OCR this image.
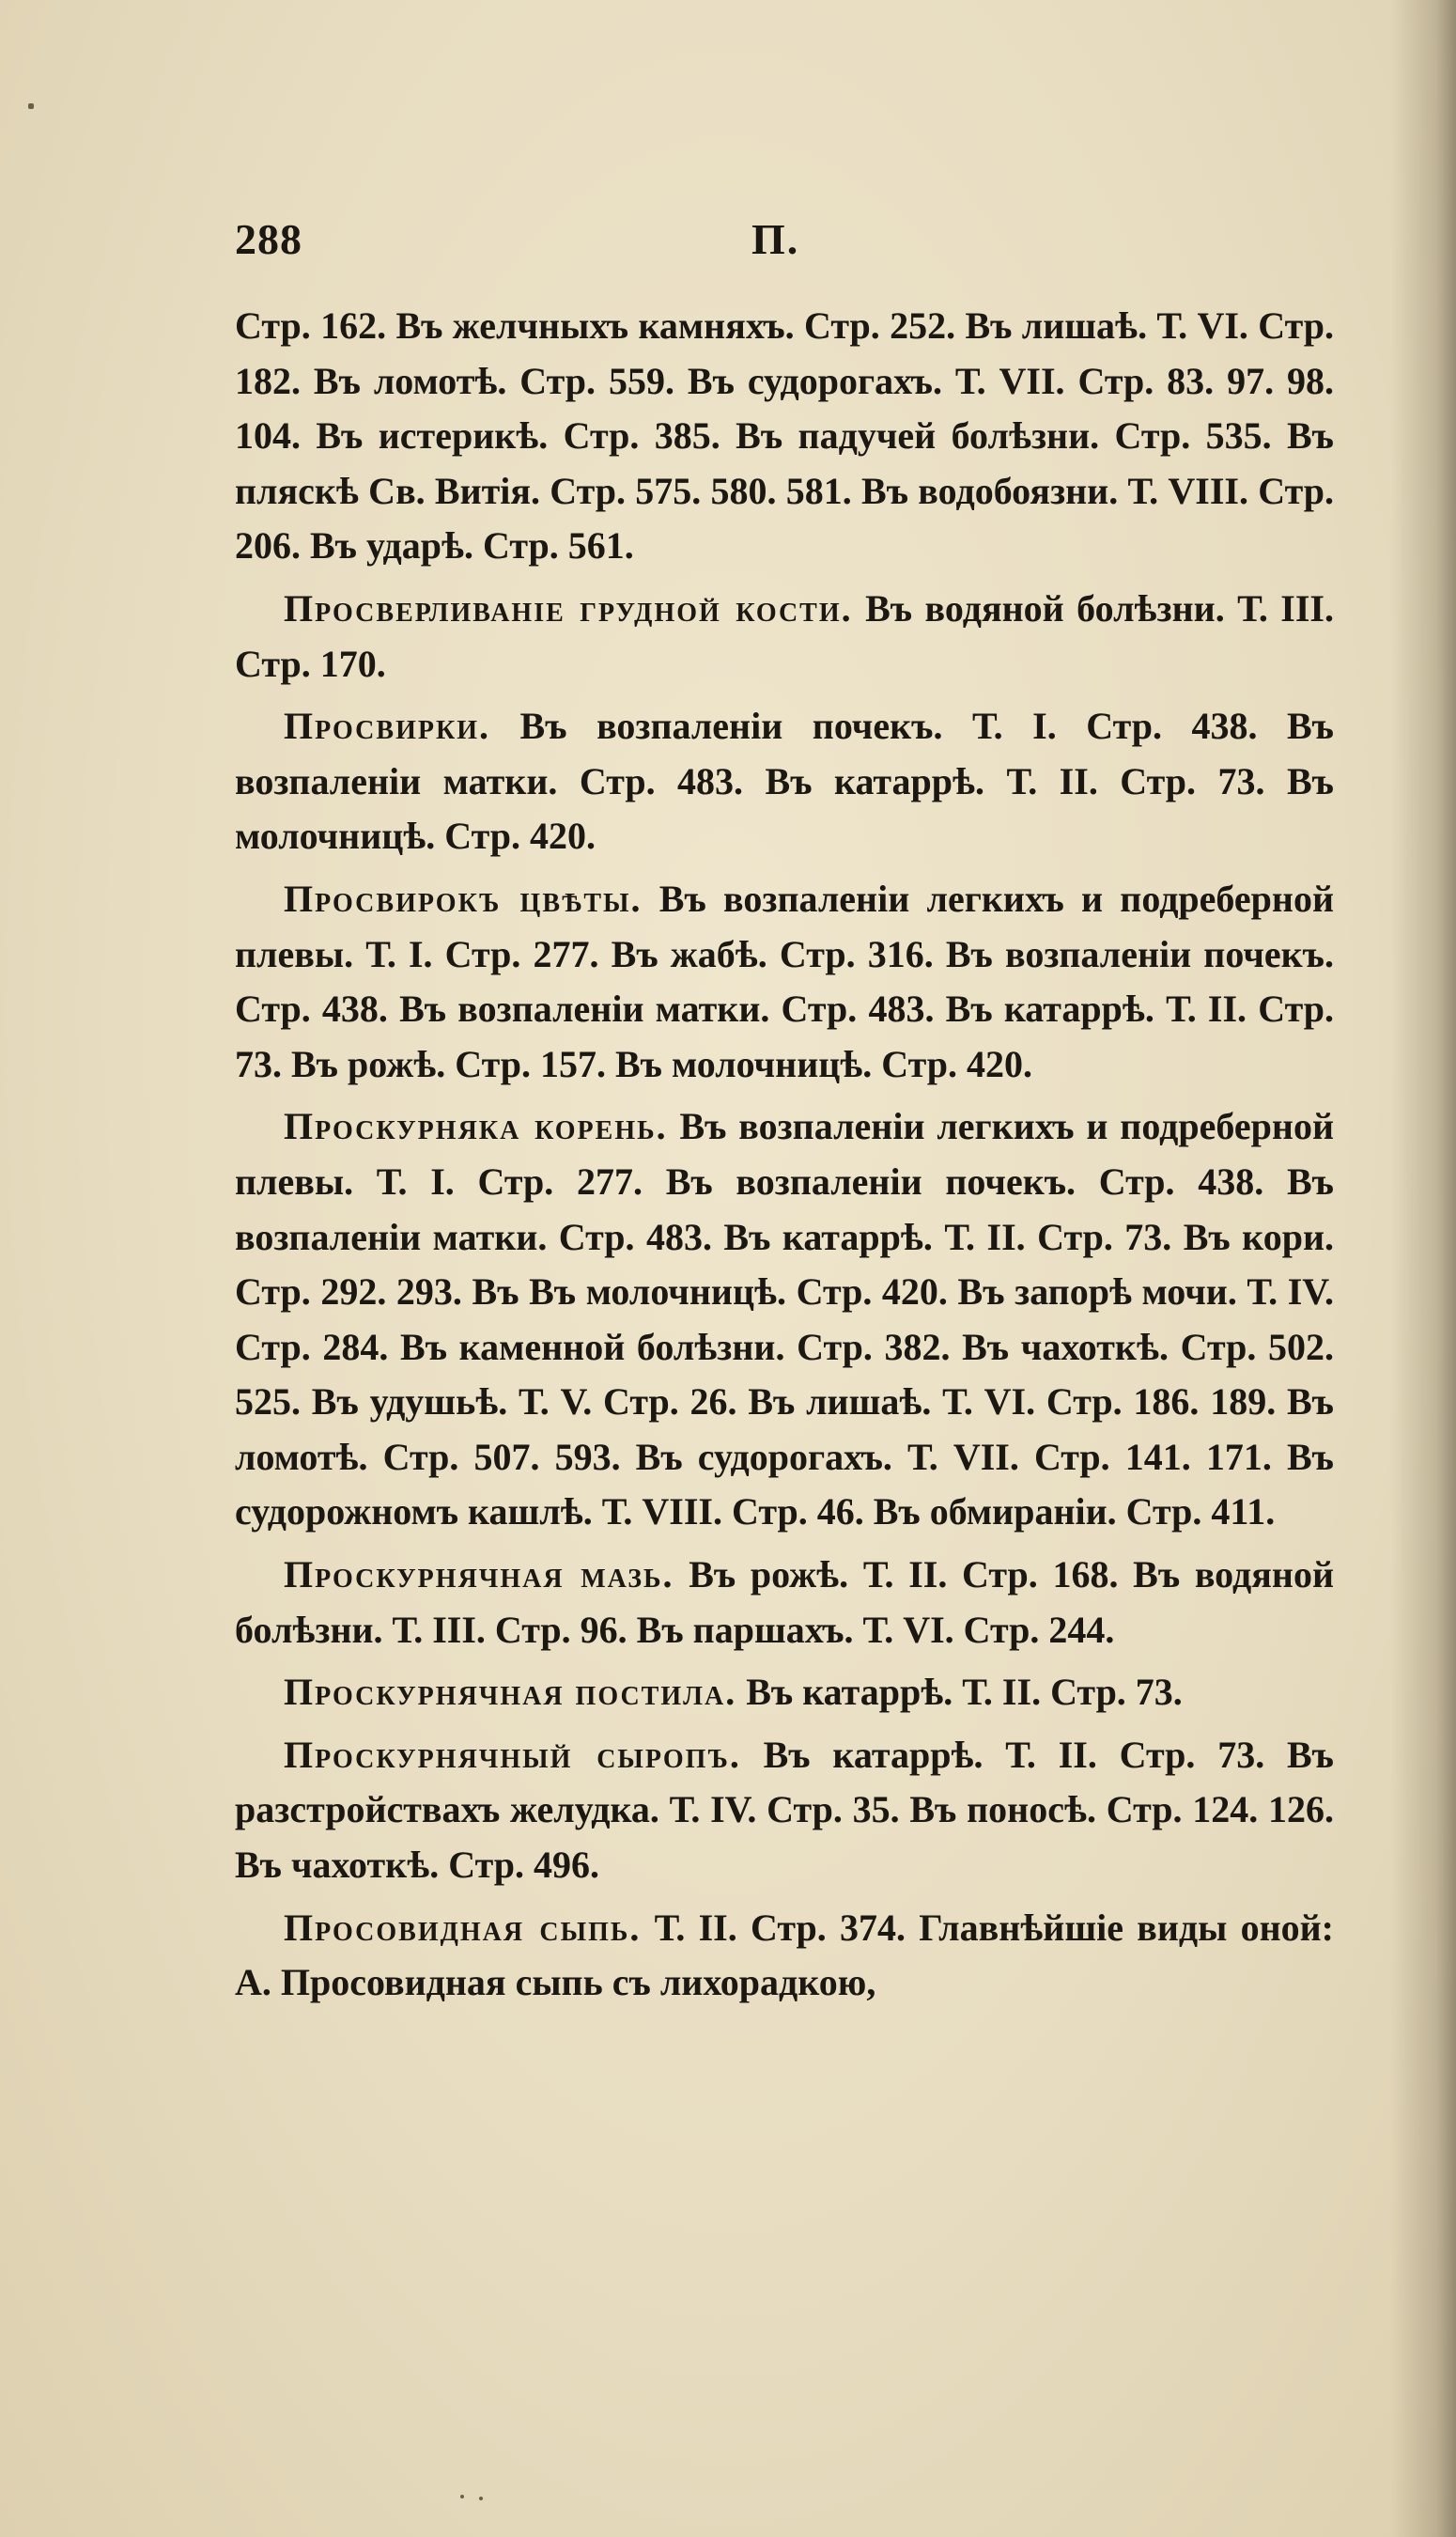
288	П.

Стр. 162. Въ желчныхъ камняхъ. Стр. 252. Въ лишаѣ. Т. VI. Стр. 182. Въ ломотѣ. Стр. 559. Въ судорогахъ. Т. VII. Стр. 83. 97. 98. 104. Въ истерикѣ. Стр. 385. Въ падучей болѣзни. Стр. 535. Въ пляскѣ Св. Витія. Стр. 575. 580. 581. Въ водобоязни. Т. VIII. Стр. 206. Въ ударѣ. Стр. 561.

Просверливаніе грудной кости. Въ водяной болѣзни. Т. III. Стр. 170.

Просвирки. Въ возпаленіи почекъ. Т. I. Стр. 438. Въ возпаленіи матки. Стр. 483. Въ катаррѣ. Т. II. Стр. 73. Въ молочницѣ. Стр. 420.

Просвирокъ цвѣты. Въ возпаленіи легкихъ и подреберной плевы. Т. I. Стр. 277. Въ жабѣ. Стр. 316. Въ возпаленіи почекъ. Стр. 438. Въ возпаленіи матки. Стр. 483. Въ катаррѣ. Т. II. Стр. 73. Въ рожѣ. Стр. 157. Въ молочницѣ. Стр. 420.

Проскурняка корень. Въ возпаленіи легкихъ и подреберной плевы. Т. I. Стр. 277. Въ возпаленіи почекъ. Стр. 438. Въ возпаленіи матки. Стр. 483. Въ катаррѣ. Т. II. Стр. 73. Въ кори. Стр. 292. 293. Въ Въ молочницѣ. Стр. 420. Въ запорѣ мочи. Т. IV. Стр. 284. Въ каменной болѣзни. Стр. 382. Въ чахоткѣ. Стр. 502. 525. Въ удушьѣ. Т. V. Стр. 26. Въ лишаѣ. Т. VI. Стр. 186. 189. Въ ломотѣ. Стр. 507. 593. Въ судорогахъ. Т. VII. Стр. 141. 171. Въ судорожномъ кашлѣ. Т. VIII. Стр. 46. Въ обмираніи. Стр. 411.

Проскурнячная мазь. Въ рожѣ. Т. II. Стр. 168. Въ водяной болѣзни. Т. III. Стр. 96. Въ паршахъ. Т. VI. Стр. 244.

Проскурнячная постила. Въ катаррѣ. Т. II. Стр. 73.

Проскурнячный сыропъ. Въ катаррѣ. Т. II. Стр. 73. Въ разстройствахъ желудка. Т. IV. Стр. 35. Въ поносѣ. Стр. 124. 126. Въ чахоткѣ. Стр. 496.

Просовидная сыпь. Т. II. Стр. 374. Главнѣйшіе виды оной: А. Просовидная сыпь съ лихорадкою,
